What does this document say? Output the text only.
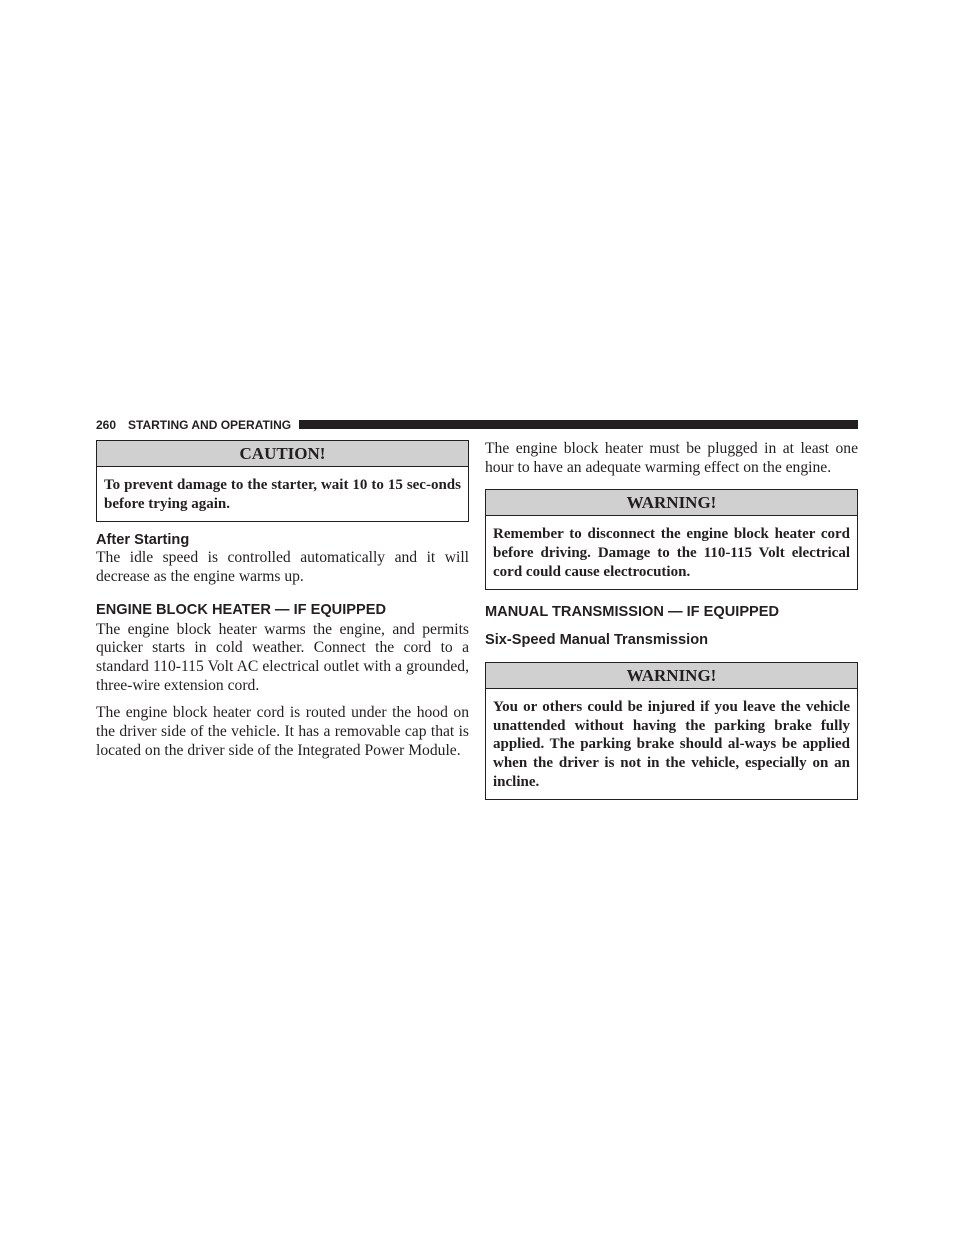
260 STARTING AND OPERATING
CAUTION!
To prevent damage to the starter, wait 10 to 15 sec-onds before trying again.
After Starting

The idle speed is controlled automatically and it will decrease as the engine warms up.

ENGINE BLOCK HEATER — IF EQUIPPED

The engine block heater warms the engine, and permits quicker starts in cold weather. Connect the cord to a standard 110-115 Volt AC electrical outlet with a grounded, three-wire extension cord.

The engine block heater cord is routed under the hood on the driver side of the vehicle. It has a removable cap that is located on the driver side of the Integrated Power Module.

The engine block heater must be plugged in at least one hour to have an adequate warming effect on the engine.

WARNING!
Remember to disconnect the engine block heater cord before driving. Damage to the 110-115 Volt electrical cord could cause electrocution.
MANUAL TRANSMISSION — IF EQUIPPED
Six-Speed Manual Transmission
WARNING!
You or others could be injured if you leave the vehicle unattended without having the parking brake fully applied. The parking brake should al-ways be applied when the driver is not in the vehicle, especially on an incline.
